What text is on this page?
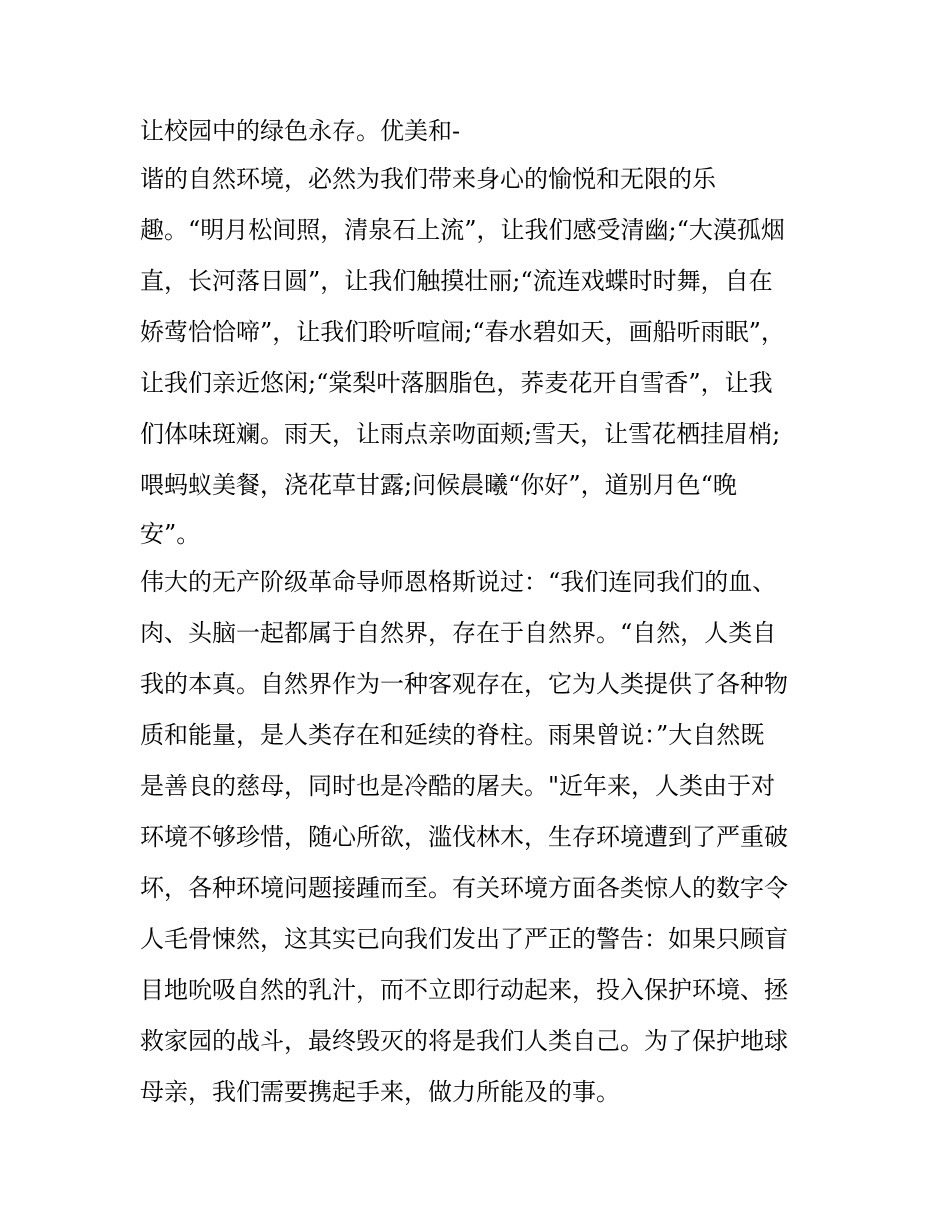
让校园中的绿色永存。优美和-
谐的自然环境，必然为我们带来身心的愉悦和无限的乐
趣。“明月松间照，清泉石上流”，让我们感受清幽;“大漠孤烟
直，长河落日圆”，让我们触摸壮丽;“流连戏蝶时时舞，自在
娇莺恰恰啼”，让我们聆听喧闹;“春水碧如天，画船听雨眠”，
让我们亲近悠闲;“棠梨叶落胭脂色，荞麦花开自雪香”，让我
们体味斑斓。雨天，让雨点亲吻面颊;雪天，让雪花栖挂眉梢;
喂蚂蚁美餐，浇花草甘露;问候晨曦“你好”，道别月色“晚
安”。
伟大的无产阶级革命导师恩格斯说过：“我们连同我们的血、
肉、头脑一起都属于自然界，存在于自然界。“自然，人类自
我的本真。自然界作为一种客观存在，它为人类提供了各种物
质和能量，是人类存在和延续的脊柱。雨果曾说：”大自然既
是善良的慈母，同时也是冷酷的屠夫。"近年来，人类由于对
环境不够珍惜，随心所欲，滥伐林木，生存环境遭到了严重破
坏，各种环境问题接踵而至。有关环境方面各类惊人的数字令
人毛骨悚然，这其实已向我们发出了严正的警告：如果只顾盲
目地吮吸自然的乳汁，而不立即行动起来，投入保护环境、拯
救家园的战斗，最终毁灭的将是我们人类自己。为了保护地球
母亲，我们需要携起手来，做力所能及的事。
